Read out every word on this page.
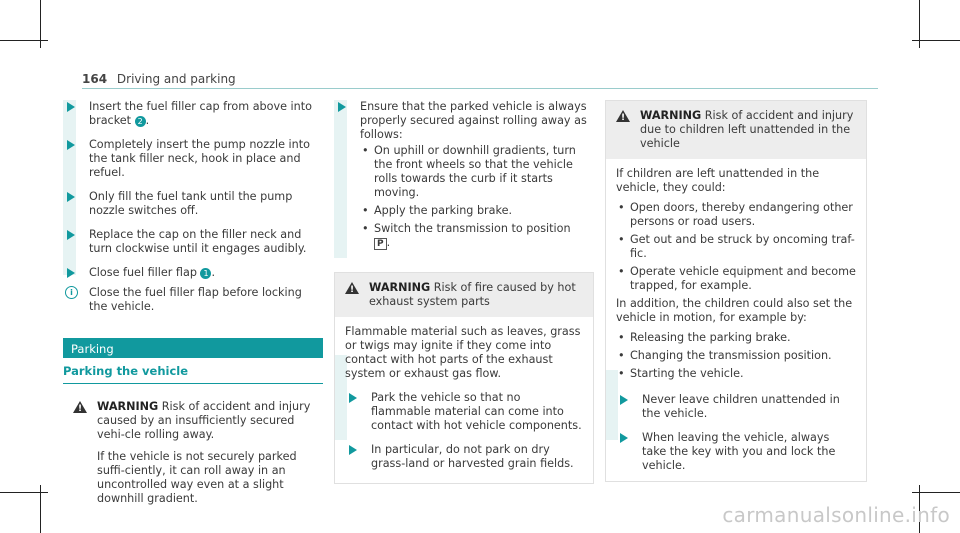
164 Driving and parking
Insert the fuel filler cap from above into bracket 2 .
Completely insert the pump nozzle into the tank filler neck, hook in place and refuel.
Only fill the fuel tank until the pump nozzle switches off.
Replace the cap on the filler neck and turn clockwise until it engages audibly.
Close fuel filler flap 1 .
i	Close the fuel filler flap before locking the vehicle.
Parking
Parking the vehicle
!
WARNING Risk of accident and injury caused by an insufficiently secured vehi-cle rolling away.
If the vehicle is not securely parked suffi-ciently, it can roll away in an uncontrolled way even at a slight downhill gradient.
Ensure that the parked vehicle is always properly secured against rolling away as follows:
• On uphill or downhill gradients, turn the front wheels so that the vehicle rolls towards the curb if it starts moving.
• Apply the parking brake.
• Switch the transmission to position
P .
!
WARNING Risk of fire caused by hot exhaust system parts

Flammable material such as leaves, grass or twigs may ignite if they come into contact with hot parts of the exhaust system or exhaust gas flow.

Park the vehicle so that no flammable material can come into contact with hot vehicle components.
In particular, do not park on dry grass-land or harvested grain fields.
!
WARNING Risk of accident and injury due to children left unattended in the vehicle

If children are left unattended in the vehicle, they could:

• Open doors, thereby endangering other persons or road users.
• Get out and be struck by oncoming traf-fic.
• Operate vehicle equipment and become trapped, for example.

In addition, the children could also set the vehicle in motion, for example by:

• Releasing the parking brake.
• Changing the transmission position.
• Starting the vehicle.
Never leave children unattended in the vehicle.
When leaving the vehicle, always take the key with you and lock the vehicle.
carmanualsonline.info
